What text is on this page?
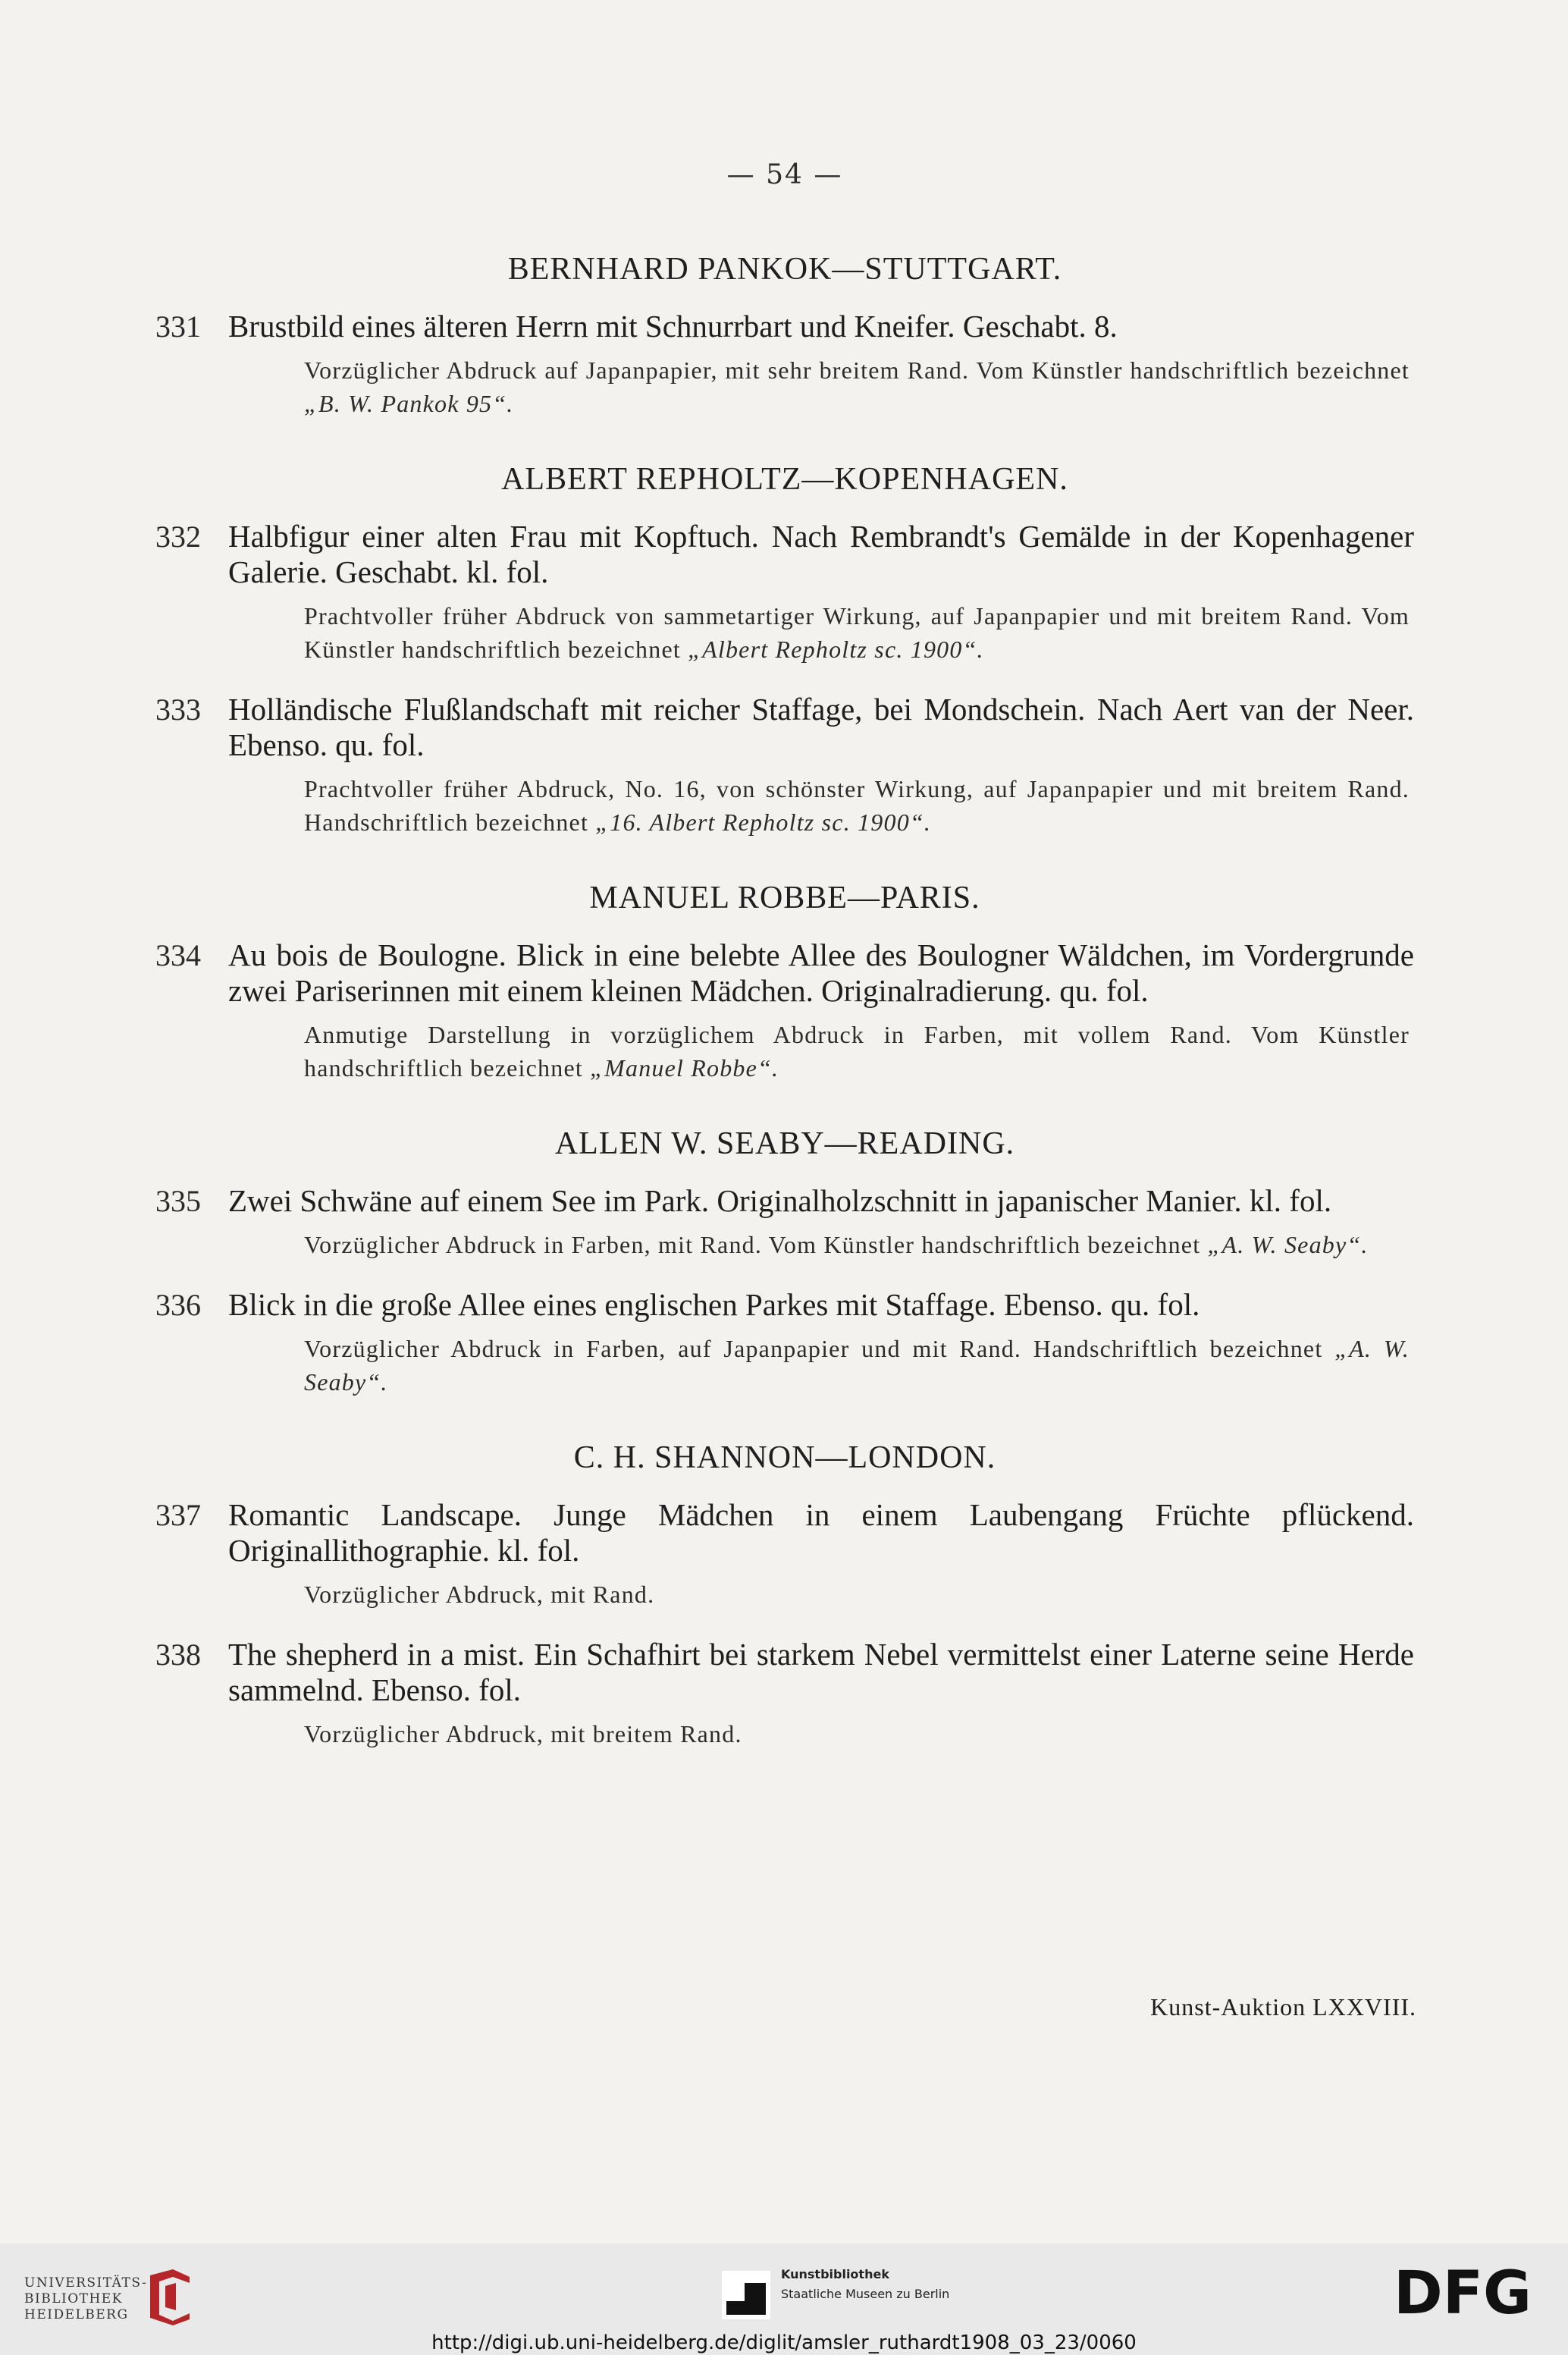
— 54 —
BERNHARD PANKOK—STUTTGART.
331 Brustbild eines älteren Herrn mit Schnurrbart und Kneifer. Geschabt. 8.
Vorzüglicher Abdruck auf Japanpapier, mit sehr breitem Rand. Vom Künstler handschriftlich bezeichnet „B. W. Pankok 95“.
ALBERT REPHOLTZ—KOPENHAGEN.
332 Halbfigur einer alten Frau mit Kopftuch. Nach Rembrandt's Gemälde in der Kopenhagener Galerie. Geschabt. kl. fol.
Prachtvoller früher Abdruck von sammetartiger Wirkung, auf Japanpapier und mit breitem Rand. Vom Künstler handschriftlich bezeichnet „Albert Repholtz sc. 1900“.
333 Holländische Flußlandschaft mit reicher Staffage, bei Mondschein. Nach Aert van der Neer. Ebenso. qu. fol.
Prachtvoller früher Abdruck, No. 16, von schönster Wirkung, auf Japanpapier und mit breitem Rand. Handschriftlich bezeichnet „16. Albert Repholtz sc. 1900“.
MANUEL ROBBE—PARIS.
334 Au bois de Boulogne. Blick in eine belebte Allee des Boulogner Wäldchen, im Vordergrunde zwei Pariserinnen mit einem kleinen Mädchen. Originalradierung. qu. fol.
Anmutige Darstellung in vorzüglichem Abdruck in Farben, mit vollem Rand. Vom Künstler handschriftlich bezeichnet „Manuel Robbe“.
ALLEN W. SEABY—READING.
335 Zwei Schwäne auf einem See im Park. Originalholzschnitt in japanischer Manier. kl. fol.
Vorzüglicher Abdruck in Farben, mit Rand. Vom Künstler handschriftlich bezeichnet „A. W. Seaby“.
336 Blick in die große Allee eines englischen Parkes mit Staffage. Ebenso. qu. fol.
Vorzüglicher Abdruck in Farben, auf Japanpapier und mit Rand. Handschriftlich bezeichnet „A. W. Seaby“.
C. H. SHANNON—LONDON.
337 Romantic Landscape. Junge Mädchen in einem Laubengang Früchte pflückend. Originallithographie. kl. fol.
Vorzüglicher Abdruck, mit Rand.
338 The shepherd in a mist. Ein Schafhirt bei starkem Nebel vermittelst einer Laterne seine Herde sammelnd. Ebenso. fol.
Vorzüglicher Abdruck, mit breitem Rand.
Kunst-Auktion LXXVIII.
UNIVERSITÄTS-
BIBLIOTHEK
HEIDELBERG
Kunstbibliothek
Staatliche Museen zu Berlin	DFG
http://digi.ub.uni-heidelberg.de/diglit/amsler_ruthardt1908_03_23/0060
